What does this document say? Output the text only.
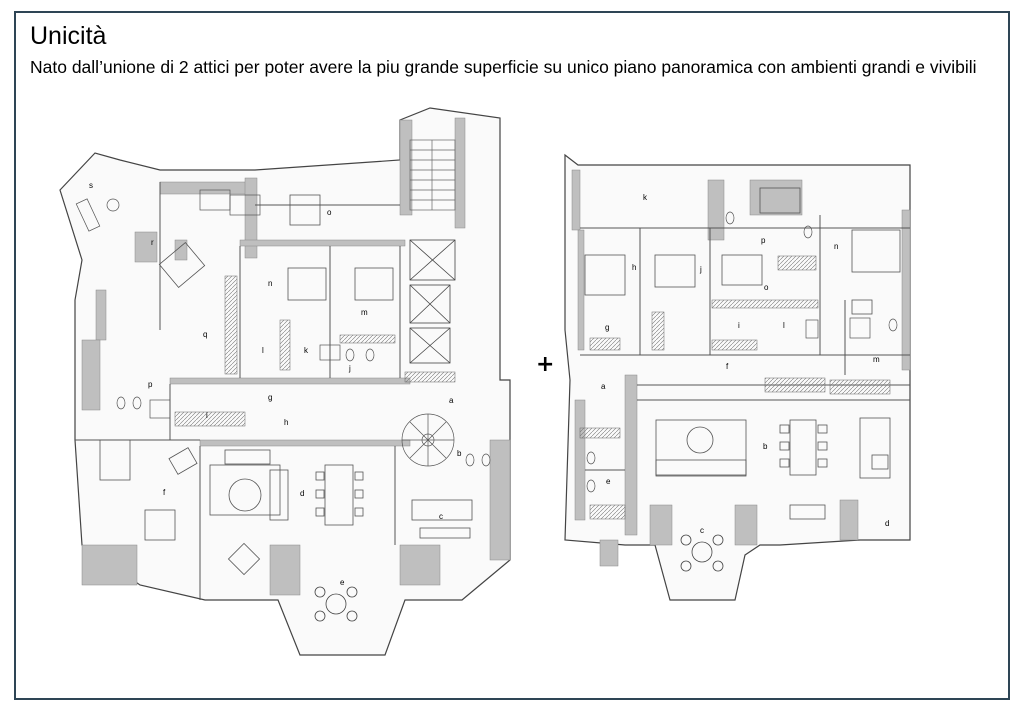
Unicità

Nato dall’unione di 2 attici per poter avere la piu grande superficie su unico piano panoramica con ambienti grandi e vivibili

s
r
o
n
m
q
l	k
j
p
i
g
h
a
b
f	d
c
e
k
h	j
p
n
o
g	i	l
m
a
f
b
e
c
d
+
